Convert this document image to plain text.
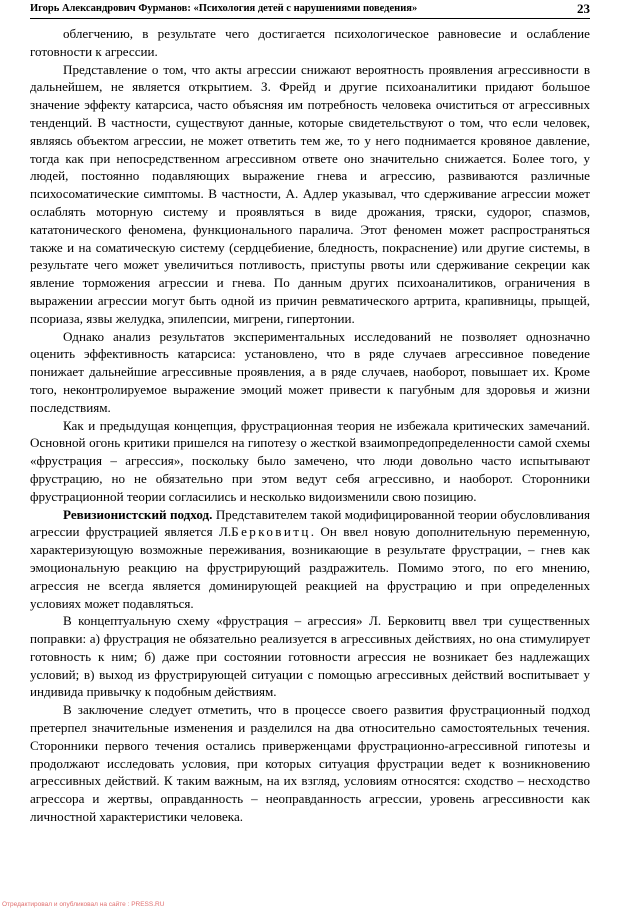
Игорь Александрович Фурманов: «Психология детей с нарушениями поведения»	23

облегчению, в результате чего достигается психологическое равновесие и ослабление готовности к агрессии.

Представление о том, что акты агрессии снижают вероятность проявления агрессивности в дальнейшем, не является открытием. З. Фрейд и другие психоаналитики придают большое значение эффекту катарсиса, часто объясняя им потребность человека очиститься от агрессивных тенденций. В частности, существуют данные, которые свидетельствуют о том, что если человек, являясь объектом агрессии, не может ответить тем же, то у него поднимается кровяное давление, тогда как при непосредственном агрессивном ответе оно значительно снижается. Более того, у людей, постоянно подавляющих выражение гнева и агрессию, развиваются различные психосоматические симптомы. В частности, А. Адлер указывал, что сдерживание агрессии может ослаблять моторную систему и проявляться в виде дрожания, тряски, судорог, спазмов, кататонического феномена, функционального паралича. Этот феномен может распространяться также и на соматическую систему (сердцебиение, бледность, покраснение) или другие системы, в результате чего может увеличиться потливость, приступы рвоты или сдерживание секреции как явление торможения агрессии и гнева. По данным других психоаналитиков, ограничения в выражении агрессии могут быть одной из причин ревматического артрита, крапивницы, прыщей, псориаза, язвы желудка, эпилепсии, мигрени, гипертонии.

Однако анализ результатов экспериментальных исследований не позволяет однозначно оценить эффективность катарсиса: установлено, что в ряде случаев агрессивное поведение понижает дальнейшие агрессивные проявления, а в ряде случаев, наоборот, повышает их. Кроме того, неконтролируемое выражение эмоций может привести к пагубным для здоровья и жизни последствиям.

Как и предыдущая концепция, фрустрационная теория не избежала критических замечаний. Основной огонь критики пришелся на гипотезу о жесткой взаимопредопределенности самой схемы «фрустрация – агрессия», поскольку было замечено, что люди довольно часто испытывают фрустрацию, но не обязательно при этом ведут себя агрессивно, и наоборот. Сторонники фрустрационной теории согласились и несколько видоизменили свою позицию.

Ревизионистский подход. Представителем такой модифицированной теории обусловливания агрессии фрустрацией является Л.Берковитц. Он ввел новую дополнительную переменную, характеризующую возможные переживания, возникающие в результате фрустрации, – гнев как эмоциональную реакцию на фрустрирующий раздражитель. Помимо этого, по его мнению, агрессия не всегда является доминирующей реакцией на фрустрацию и при определенных условиях может подавляться.

В концептуальную схему «фрустрация – агрессия» Л. Берковитц ввел три существенных поправки: а) фрустрация не обязательно реализуется в агрессивных действиях, но она стимулирует готовность к ним; б) даже при состоянии готовности агрессия не возникает без надлежащих условий; в) выход из фрустрирующей ситуации с помощью агрессивных действий воспитывает у индивида привычку к подобным действиям.

В заключение следует отметить, что в процессе своего развития фрустрационный подход претерпел значительные изменения и разделился на два относительно самостоятельных течения. Сторонники первого течения остались приверженцами фрустрационно-агрессивной гипотезы и продолжают исследовать условия, при которых ситуация фрустрации ведет к возникновению агрессивных действий. К таким важным, на их взгляд, условиям относятся: сходство – несходство агрессора и жертвы, оправданность – неоправданность агрессии, уровень агрессивности как личностной характеристики человека.

Отредактировал и опубликовал на сайте : PRESS.RU
